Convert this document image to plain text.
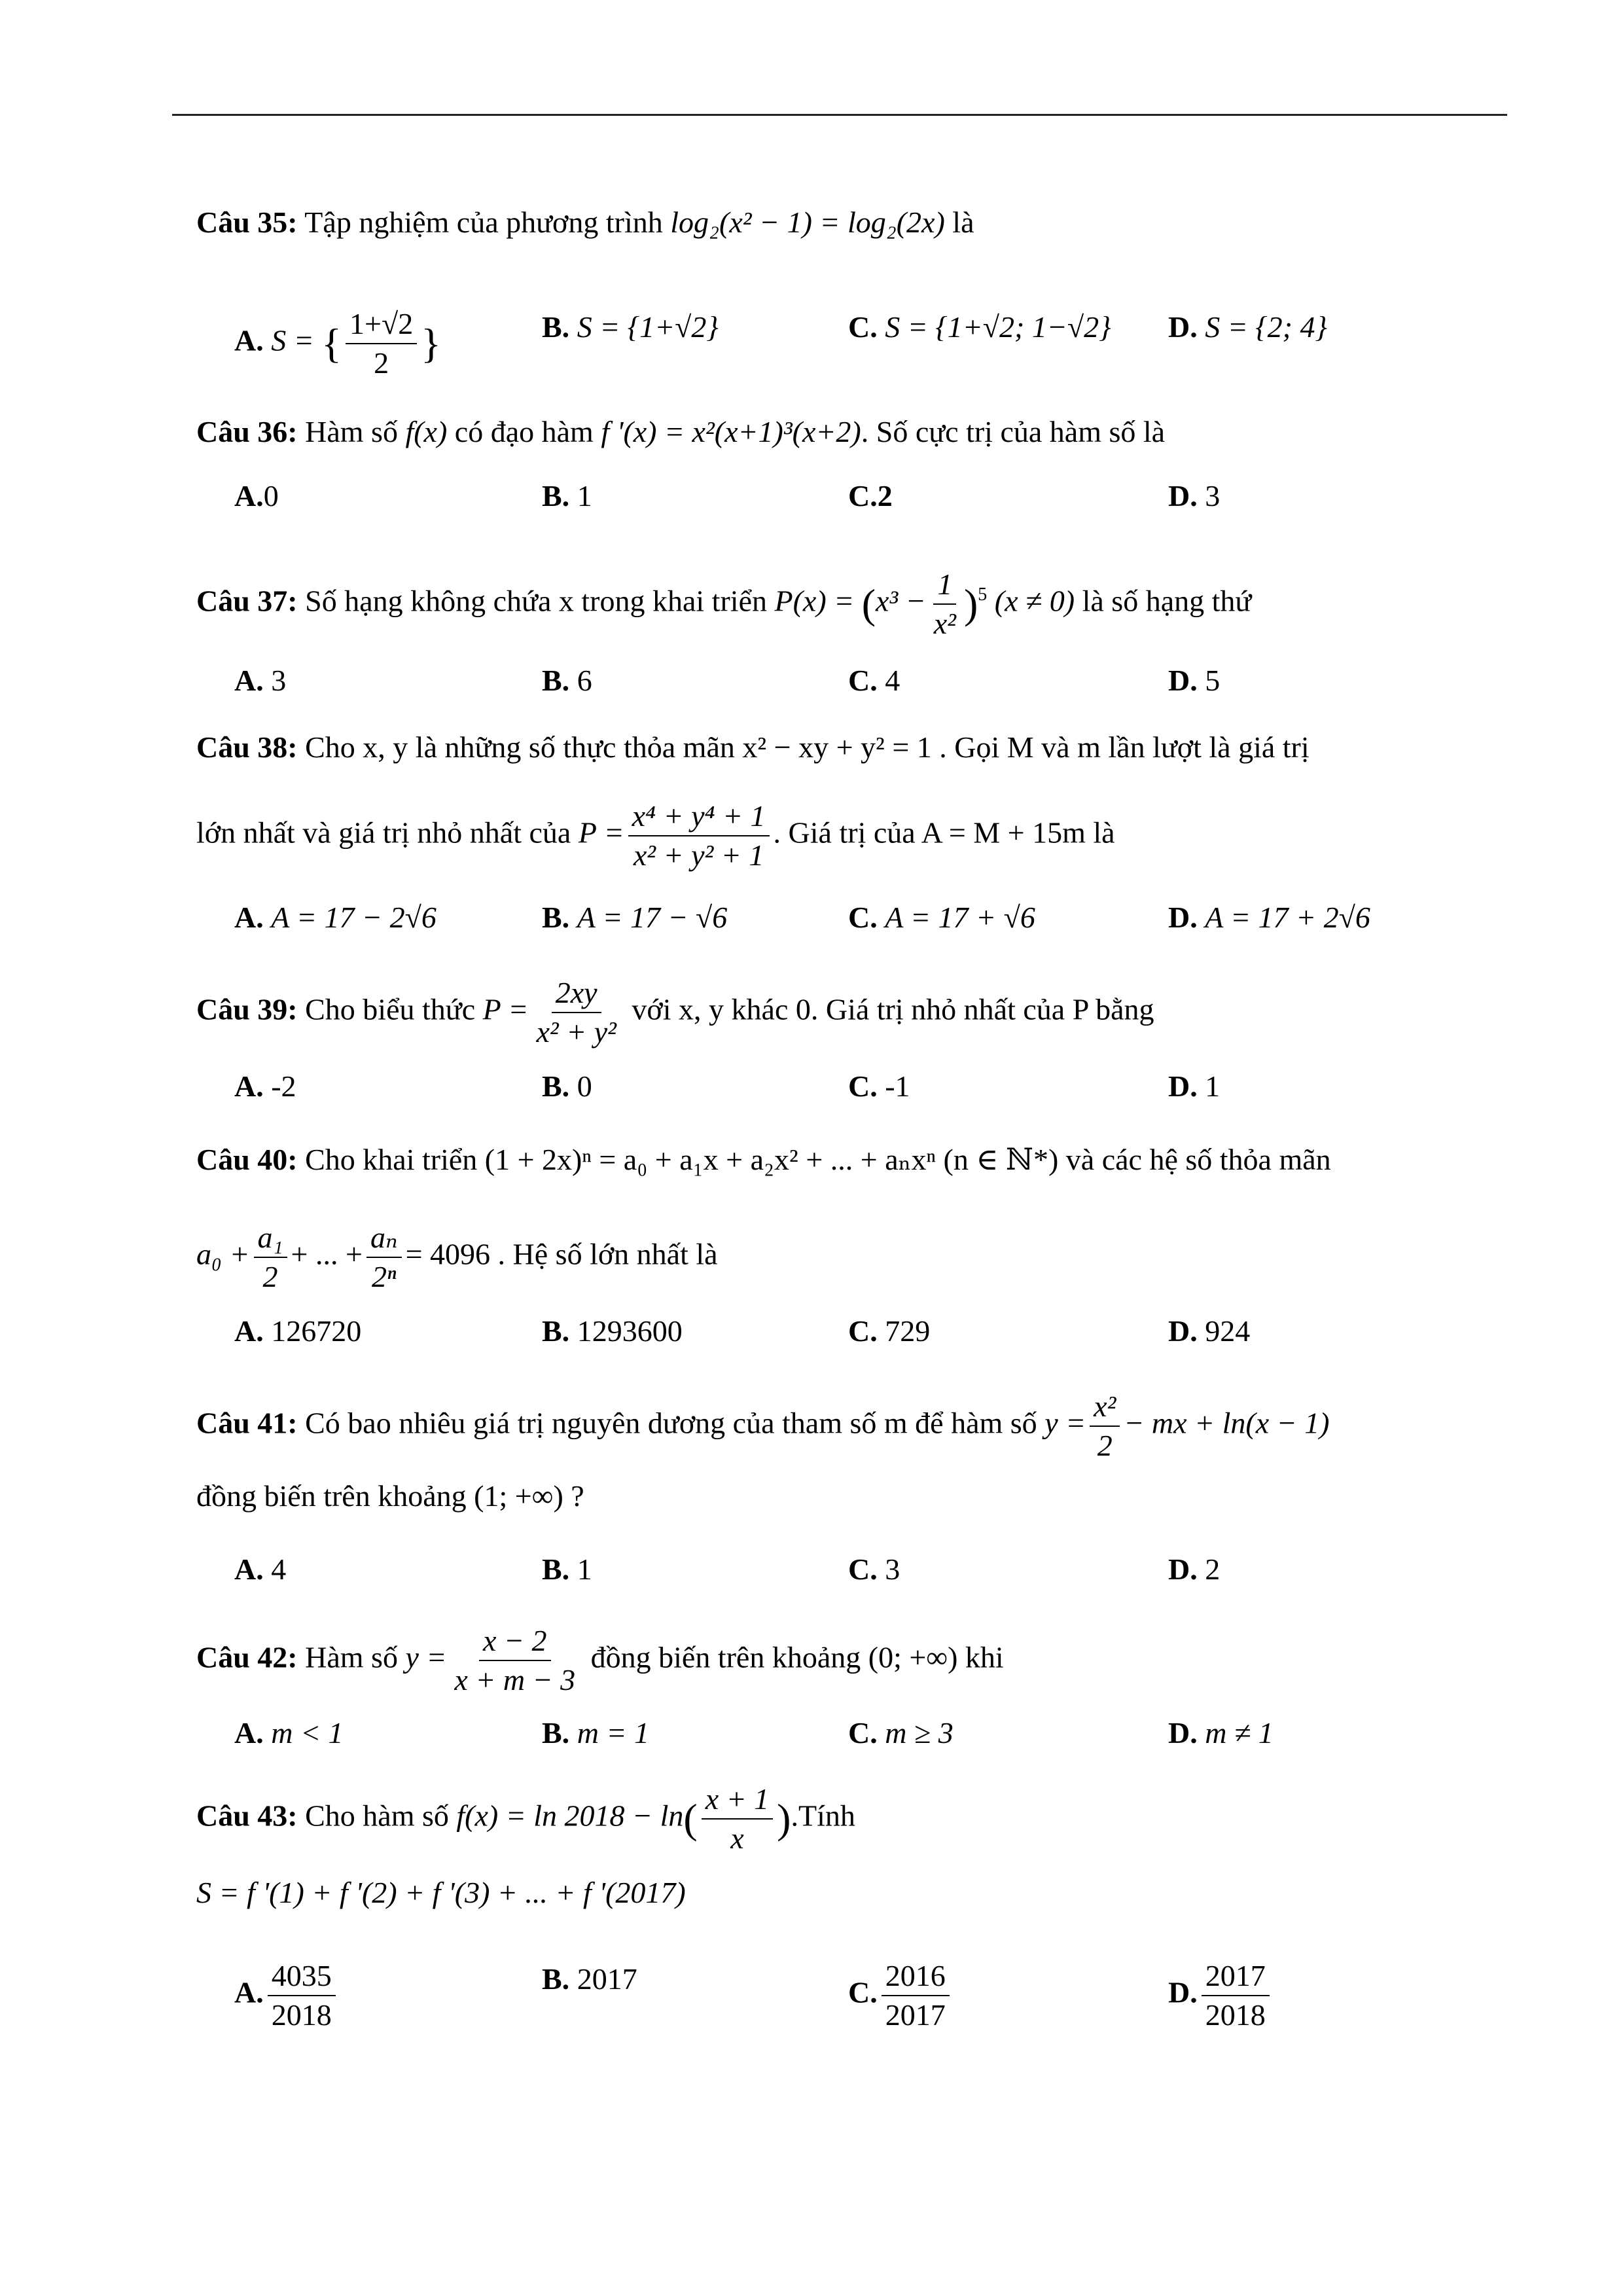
Câu 35: Tập nghiệm của phương trình log₂(x² − 1) = log₂(2x) là
A. S = { $\frac{1+√2}{2}$ }	B. S = {1+√2}	C. S = {1+√2; 1−√2} D. S = {2; 4}
Câu 36: Hàm số f(x) có đạo hàm f '(x) = x²(x+1)³(x+2). Số cực trị của hàm số là
A.0	B. 1	C.2	D. 3
Câu 37: Số hạng không chứa x trong khai triển $P(x) = (x^3 - \frac{1}{\text{x²}} )^5$ (x ≠ 0) là số hạng thứ
A. 3	B. 6	C. 4	D. 5
Câu 38: Cho x, y là những số thực thỏa mãn x² − xy + y² = 1 . Gọi M và m lần lượt là giá trị
lớn nhất và giá trị nhỏ nhất của $P = \frac{\text{x⁴ + y⁴ + 1}}{\text{x² + y² + 1}}$ . Giá trị của A = M + 15m là
A. A = 17 − 2√6	B. A = 17 − √6	C. A = 17 + √6	D. A = 17 + 2√6
Câu 39: Cho biểu thức $P = \frac{2xy}{\text{x² + y²}}$ với x, y khác 0. Giá trị nhỏ nhất của P bằng
A. -2	B. 0	C. -1	D. 1
Câu 40: Cho khai triển (1 + 2x)ⁿ = a₀ + a₁x + a₂x² + ... + aₙxⁿ (n ∈ ℕ*) và các hệ số thỏa mãn
$a_0 + \frac{\text{a₁}}{2}$ + ... + $\frac{\text{aₙ}}{\text{2ⁿ}} = 4096$ . Hệ số lớn nhất là
A. 126720	B. 1293600	C. 729	D. 924
Câu 41: Có bao nhiêu giá trị nguyên dương của tham số m để hàm số $y = \frac{\text{x²}}{2}$ − mx + ln(x − 1)
đồng biến trên khoảng (1; +∞) ?
A. 4	B. 1	C. 3	D. 2
Câu 42: Hàm số $y = \frac{x - 2}{x + m - 3}$ đồng biến trên khoảng (0; +∞) khi
A. m < 1	B. m = 1	C. m ≥ 3	D. m ≠ 1
Câu 43: Cho hàm số $f(x) = \ln 2018 - \ln( \frac{x + 1}{x}$ ).Tính
S = f '(1) + f '(2) + f '(3) + ... + f '(2017)
A. $\frac{4035}{2018}$	B. 2017	C. $\frac{2016}{2017}$	D. $\frac{2017}{2018}$
